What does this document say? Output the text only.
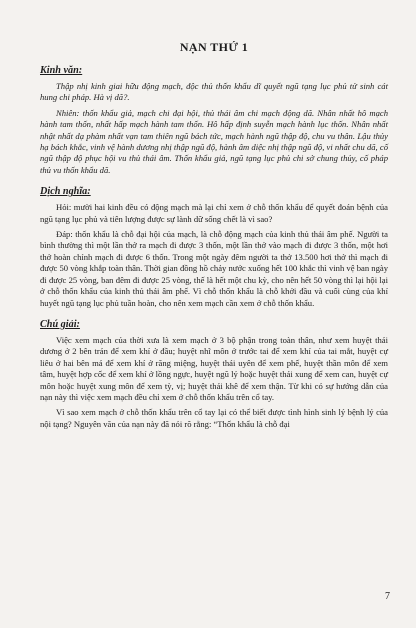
NẠN THỨ 1
Kinh văn:

Thập nhị kinh giai hữu động mạch, độc thủ thốn khẩu dĩ quyết ngũ tạng lục phủ tử sinh cát hung chi pháp. Hà vị dã?.

Nhiên: thốn khẩu giả, mạch chi đại hội, thủ thái âm chi mạch động dã. Nhân nhất hô mạch hành tam thốn, nhất hấp mạch hành tam thốn. Hô hấp định suyễn mạch hành lục thốn. Nhân nhất nhật nhất dạ phàm nhất vạn tam thiên ngũ bách tức, mạch hành ngũ thập độ, chu vu thân. Lậu thủy hạ bách khắc, vinh vệ hành dương nhị thập ngũ độ, hành âm diệc nhị thập ngũ độ, vi nhất chu dã, cố ngũ thập độ phục hội vu thủ thái âm. Thốn khẩu giả, ngũ tạng lục phủ chi sở chung thủy, cố pháp thủ vu thốn khẩu dã.

Dịch nghĩa:

Hỏi: mười hai kinh đều có động mạch mà lại chỉ xem ở chỗ thốn khẩu để quyết đoán bệnh của ngũ tạng lục phủ và tiên lượng được sự lành dữ sống chết là vì sao?

Đáp: thốn khẩu là chỗ đại hội của mạch, là chỗ động mạch của kinh thủ thái âm phế. Người ta bình thường thì một lần thở ra mạch đi được 3 thốn, một lần thở vào mạch đi được 3 thốn, một hơi thở hoàn chỉnh mạch đi được 6 thốn. Trong một ngày đêm người ta thở 13.500 hơi thở thì mạch đi được 50 vòng khắp toàn thân. Thời gian đồng hồ chảy nước xuống hết 100 khắc thì vinh vệ ban ngày đi được 25 vòng, ban đêm đi được 25 vòng, thế là hết một chu kỳ, cho nên hết 50 vòng thì lại hội lại ở chỗ thốn khẩu của kinh thủ thái âm phế. Vì chỗ thốn khẩu là chỗ khởi đầu và cuối cùng của khí huyết ngũ tạng lục phủ tuần hoàn, cho nên xem mạch cần xem ở chỗ thốn khẩu.

Chú giải:

Việc xem mạch của thời xưa là xem mạch ở 3 bộ phận trong toàn thân, như xem huyệt thái dương ở 2 bên trán để xem khí ở đầu; huyệt nhĩ môn ở trước tai để xem khí của tai mắt, huyệt cự liêu ở hai bên má để xem khí ở răng miệng, huyệt thái uyên để xem phế, huyệt thần môn để xem tâm, huyệt hợp cốc để xem khí ở lồng ngực, huyệt ngũ lý hoặc huyệt thái xung để xem can, huyệt cự môn hoặc huyệt xung môn để xem tỳ, vị; huyệt thái khê để xem thận. Từ khi có sự hướng dẫn của nạn này thì việc xem mạch đều chỉ xem ở chỗ thốn khẩu trên cổ tay.

Vì sao xem mạch ở chỗ thốn khẩu trên cổ tay lại có thể biết được tình hình sinh lý bệnh lý của nội tạng? Nguyên văn của nạn này đã nói rõ rằng: “Thốn khẩu là chỗ đại

7
